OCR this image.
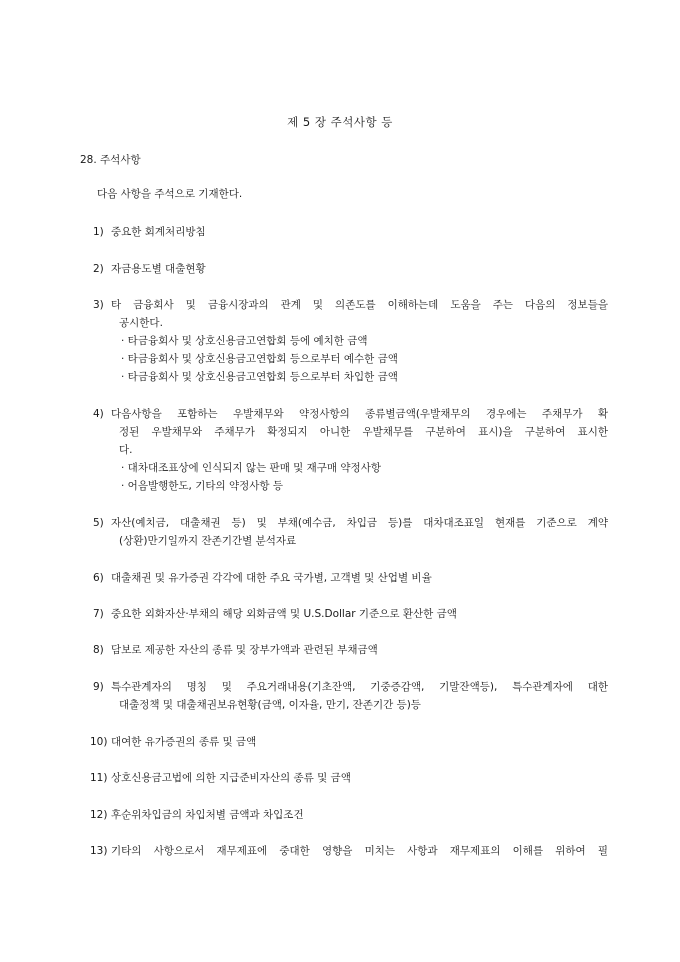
제 5 장 주석사항 등
28. 주석사항
다음 사항을 주석으로 기재한다.
1) 중요한 회계처리방침
2) 자금용도별 대출현황
3) 타 금융회사 및 금융시장과의 관계 및 의존도를 이해하는데 도움을 주는 다음의 정보들을
공시한다.
· 타금융회사 및 상호신용금고연합회 등에 예치한 금액
· 타금융회사 및 상호신용금고연합회 등으로부터 예수한 금액
· 타금융회사 및 상호신용금고연합회 등으로부터 차입한 금액
4) 다음사항을 포함하는 우발채무와 약정사항의 종류별금액(우발채무의 경우에는 주채무가 확
정된 우발채무와 주채무가 확정되지 아니한 우발채무를 구분하여 표시)을 구분하여 표시한
다.
· 대차대조표상에 인식되지 않는 판매 및 재구매 약정사항
· 어음발행한도, 기타의 약정사항 등
5) 자산(예치금, 대출채권 등) 및 부채(예수금, 차입금 등)를 대차대조표일 현재를 기준으로 계약
(상환)만기일까지 잔존기간별 분석자료
6) 대출채권 및 유가증권 각각에 대한 주요 국가별, 고객별 및 산업별 비율
7) 중요한 외화자산·부채의 해당 외화금액 및 U.S.Dollar 기준으로 환산한 금액
8) 담보로 제공한 자산의 종류 및 장부가액과 관련된 부채금액
9) 특수관계자의 명칭 및 주요거래내용(기초잔액, 기중증감액, 기말잔액등), 특수관계자에 대한
대출정책 및 대출채권보유현황(금액, 이자율, 만기, 잔존기간 등)등
10) 대여한 유가증권의 종류 및 금액
11) 상호신용금고법에 의한 지급준비자산의 종류 및 금액
12) 후순위차입금의 차입처별 금액과 차입조건
13) 기타의 사항으로서 재무제표에 중대한 영향을 미치는 사항과 재무제표의 이해를 위하여 필
